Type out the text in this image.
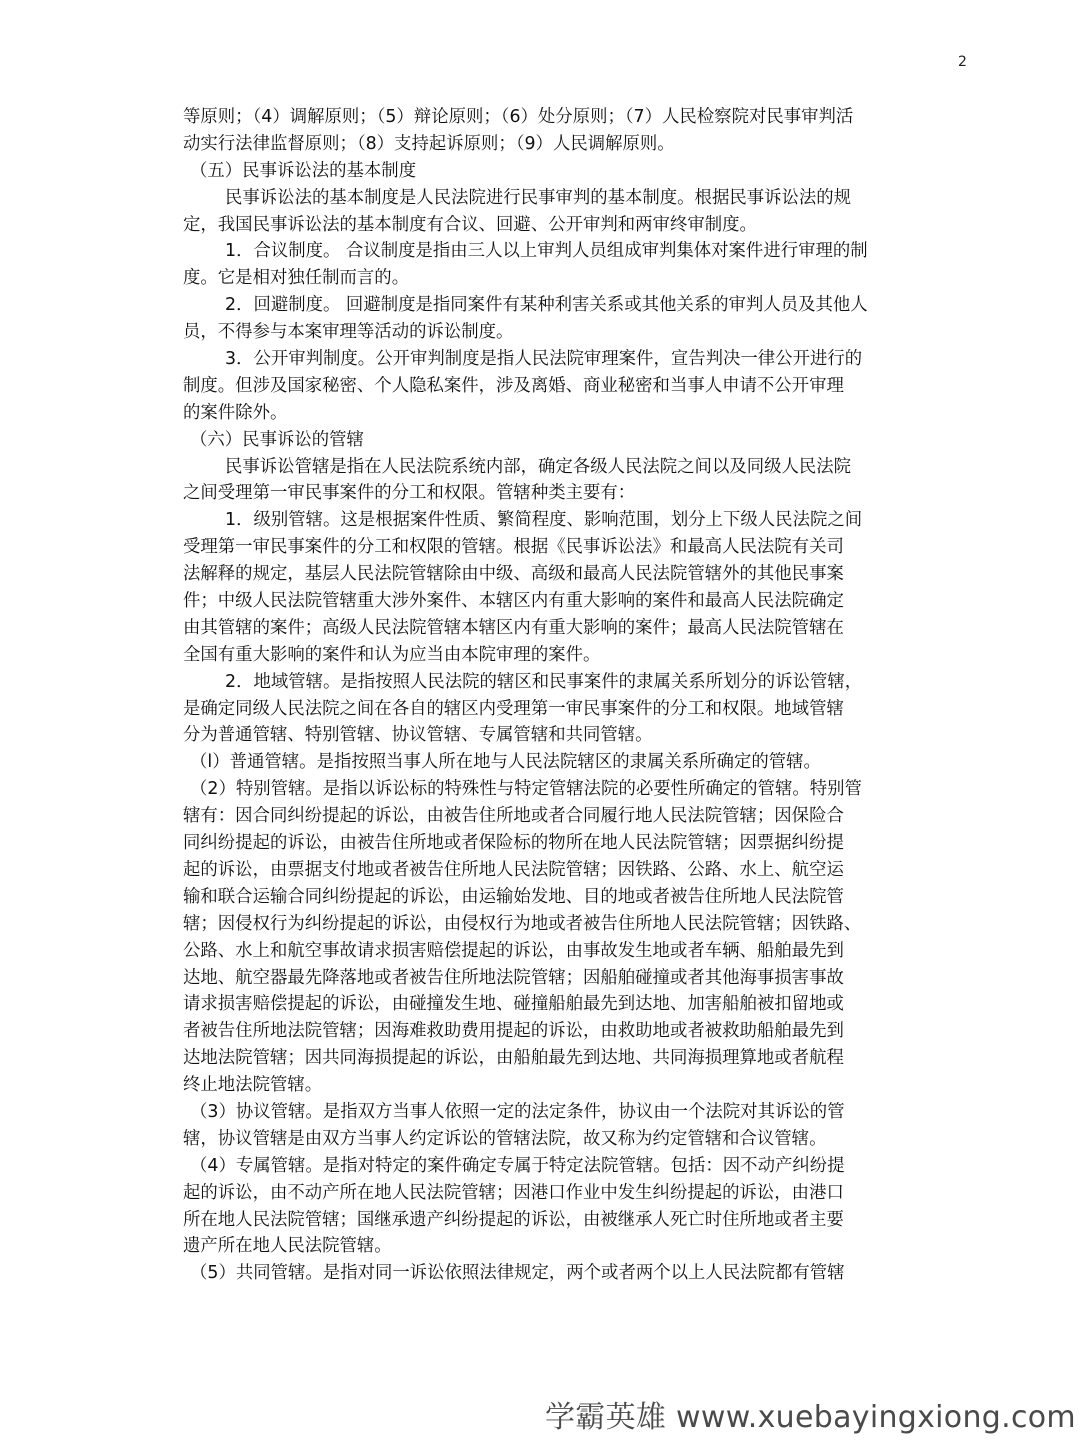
2
等原则；（4）调解原则；（5）辩论原则；（6）处分原则；（7）人民检察院对民事审判活
动实行法律监督原则；（8）支持起诉原则；（9）人民调解原则。
（五）民事诉讼法的基本制度
民事诉讼法的基本制度是人民法院进行民事审判的基本制度。根据民事诉讼法的规
定，我国民事诉讼法的基本制度有合议、回避、公开审判和两审终审制度。
1．合议制度。 合议制度是指由三人以上审判人员组成审判集体对案件进行审理的制
度。它是相对独任制而言的。
2．回避制度。 回避制度是指同案件有某种利害关系或其他关系的审判人员及其他人
员，不得参与本案审理等活动的诉讼制度。
3．公开审判制度。公开审判制度是指人民法院审理案件，宣告判决一律公开进行的
制度。但涉及国家秘密、个人隐私案件，涉及离婚、商业秘密和当事人申请不公开审理
的案件除外。
（六）民事诉讼的管辖
民事诉讼管辖是指在人民法院系统内部，确定各级人民法院之间以及同级人民法院
之间受理第一审民事案件的分工和权限。管辖种类主要有：
1．级别管辖。这是根据案件性质、繁简程度、影响范围，划分上下级人民法院之间
受理第一审民事案件的分工和权限的管辖。根据《民事诉讼法》和最高人民法院有关司
法解释的规定，基层人民法院管辖除由中级、高级和最高人民法院管辖外的其他民事案
件；中级人民法院管辖重大涉外案件、本辖区内有重大影响的案件和最高人民法院确定
由其管辖的案件；高级人民法院管辖本辖区内有重大影响的案件；最高人民法院管辖在
全国有重大影响的案件和认为应当由本院审理的案件。
2．地域管辖。是指按照人民法院的辖区和民事案件的隶属关系所划分的诉讼管辖，
是确定同级人民法院之间在各自的辖区内受理第一审民事案件的分工和权限。地域管辖
分为普通管辖、特别管辖、协议管辖、专属管辖和共同管辖。
（l）普通管辖。是指按照当事人所在地与人民法院辖区的隶属关系所确定的管辖。
（2）特别管辖。是指以诉讼标的特殊性与特定管辖法院的必要性所确定的管辖。特别管
辖有：因合同纠纷提起的诉讼，由被告住所地或者合同履行地人民法院管辖；因保险合
同纠纷提起的诉讼，由被告住所地或者保险标的物所在地人民法院管辖；因票据纠纷提
起的诉讼，由票据支付地或者被告住所地人民法院管辖；因铁路、公路、水上、航空运
输和联合运输合同纠纷提起的诉讼，由运输始发地、目的地或者被告住所地人民法院管
辖；因侵权行为纠纷提起的诉讼，由侵权行为地或者被告住所地人民法院管辖；因铁路、
公路、水上和航空事故请求损害赔偿提起的诉讼，由事故发生地或者车辆、船舶最先到
达地、航空器最先降落地或者被告住所地法院管辖；因船舶碰撞或者其他海事损害事故
请求损害赔偿提起的诉讼，由碰撞发生地、碰撞船舶最先到达地、加害船舶被扣留地或
者被告住所地法院管辖；因海难救助费用提起的诉讼，由救助地或者被救助船舶最先到
达地法院管辖；因共同海损提起的诉讼，由船舶最先到达地、共同海损理算地或者航程
终止地法院管辖。
（3）协议管辖。是指双方当事人依照一定的法定条件，协议由一个法院对其诉讼的管
辖，协议管辖是由双方当事人约定诉讼的管辖法院，故又称为约定管辖和合议管辖。
（4）专属管辖。是指对特定的案件确定专属于特定法院管辖。包括：因不动产纠纷提
起的诉讼，由不动产所在地人民法院管辖；因港口作业中发生纠纷提起的诉讼，由港口
所在地人民法院管辖；国继承遗产纠纷提起的诉讼，由被继承人死亡时住所地或者主要
遗产所在地人民法院管辖。
（5）共同管辖。是指对同一诉讼依照法律规定，两个或者两个以上人民法院都有管辖
学霸英雄 www.xuebayingxiong.com
